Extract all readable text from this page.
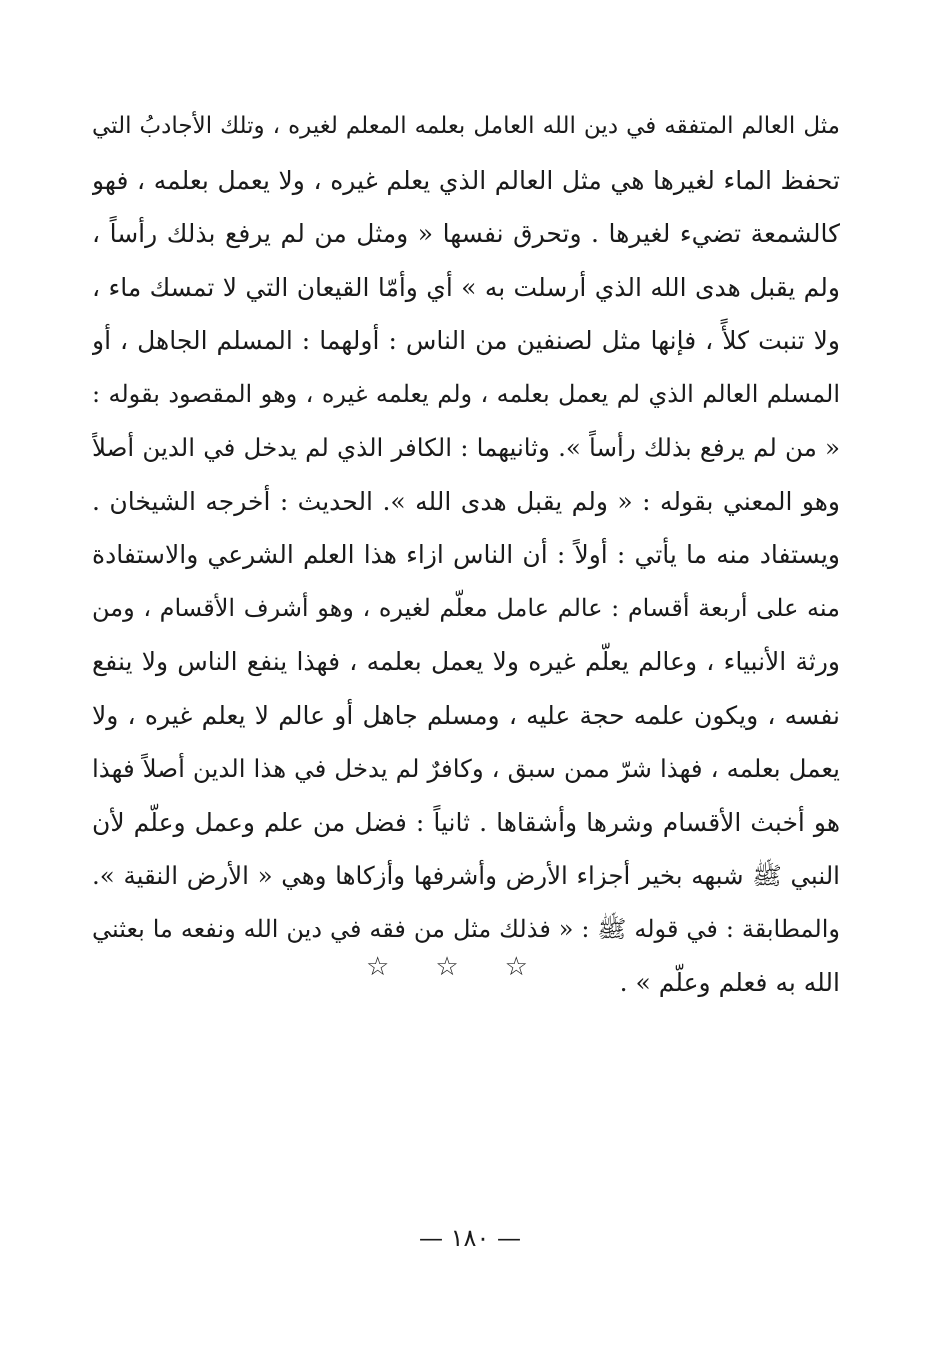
مثل العالم المتفقه في دين الله العامل بعلمه المعلم لغيره ، وتلك الأجادبُ التي
تحفظ الماء لغيرها هي مثل العالم الذي يعلم غيره ، ولا يعمل بعلمه ، فهو
كالشمعة تضيء لغيرها . وتحرق نفسها « ومثل من لم يرفع بذلك رأساً ،
ولم يقبل هدى الله الذي أرسلت به » أي وأمّا القيعان التي لا تمسك ماء ،
ولا تنبت كلأً ، فإنها مثل لصنفين من الناس : أولهما : المسلم الجاهل ، أو
المسلم العالم الذي لم يعمل بعلمه ، ولم يعلمه غيره ، وهو المقصود بقوله :
« من لم يرفع بذلك رأساً ». وثانيهما : الكافر الذي لم يدخل في الدين أصلاً
وهو المعني بقوله : « ولم يقبل هدى الله ». الحديث : أخرجه الشيخان .
ويستفاد منه ما يأتي : أولاً : أن الناس ازاء هذا العلم الشرعي والاستفادة
منه على أربعة أقسام : عالم عامل معلّم لغيره ، وهو أشرف الأقسام ، ومن
ورثة الأنبياء ، وعالم يعلّم غيره ولا يعمل بعلمه ، فهذا ينفع الناس ولا ينفع
نفسه ، ويكون علمه حجة عليه ، ومسلم جاهل أو عالم لا يعلم غيره ، ولا
يعمل بعلمه ، فهذا شرّ ممن سبق ، وكافرٌ لم يدخل في هذا الدين أصلاً فهذا
هو أخبث الأقسام وشرها وأشقاها . ثانياً : فضل من علم وعمل وعلّم لأن
النبي ﷺ شبهه بخير أجزاء الأرض وأشرفها وأزكاها وهي « الأرض النقية ».
والمطابقة : في قوله ﷺ : « فذلك مثل من فقه في دين الله ونفعه ما بعثني
الله به فعلم وعلّم » .
☆☆☆
— ١٨٠ —
